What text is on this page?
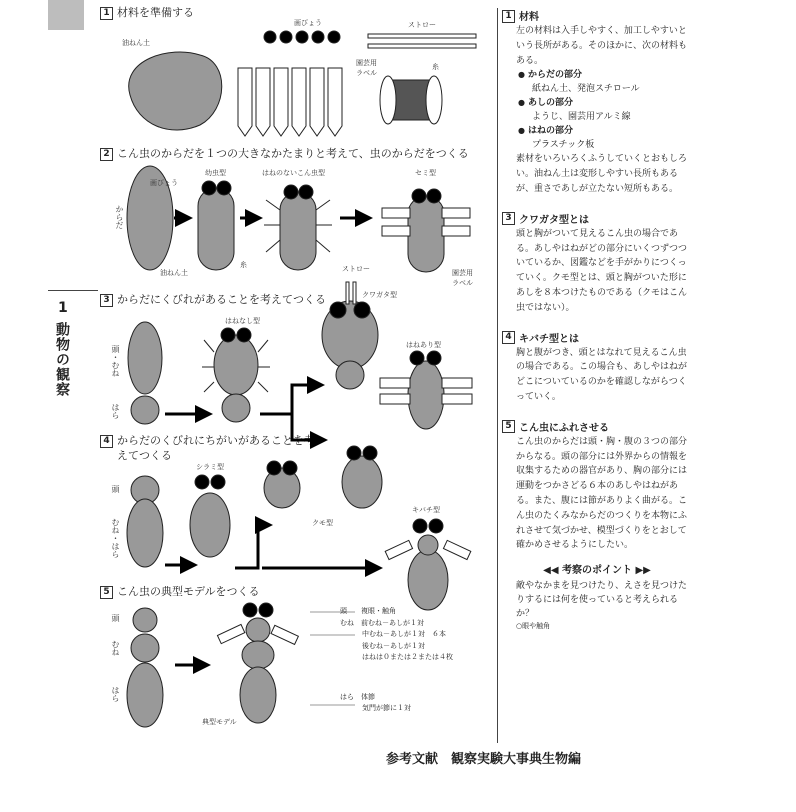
1
動物の観察
1 材料を準備する
2 こん虫のからだを１つの大きなかたまりと考えて、虫のからだをつくる
3 からだにくびれがあることを考えてつくる
4 からだのくびれにちがいがあることを考えてつくる
5 こん虫の典型モデルをつくる
油ねん土
画びょう	ストロー
園芸用ラベル
糸
幼虫型	はねのないこん虫型	セミ型
画びょう
からだ
油ねん土
糸	ストロー	園芸用ラベル
クワガタ型
はねなし型
はねあり型
頭・むね
はら
シラミ型
クモ型
キバチ型
頭
むね・はら
頭
むね
はら
典型モデル
頭　　複眼・触角
むね　前むね－あしが１対
中むね－あしが１対　６本
後むね－あしが１対
はねは０または２または４枚
はら　体節
気門が節に１対
1 材料

左の材料は入手しやすく、加工しやすいという長所がある。そのほかに、次の材料もある。

● からだの部分
紙ねん土、発泡スチロール
● あしの部分
ようじ、園芸用アルミ線
● はねの部分
プラスチック板

素材をいろいろくふうしていくとおもしろい。油ねん土は変形しやすい長所もあるが、重さであしが立たない短所もある。

3 クワガタ型とは

頭と胸がついて見えるこん虫の場合である。あしやはねがどの部分にいくつずつついているか、図鑑などを手がかりにつくっていく。クモ型とは、頭と胸がついた形にあしを８本つけたものである（クモはこん虫ではない）。

4 キバチ型とは

胸と腹がつき、頭とはなれて見えるこん虫の場合である。この場合も、あしやはねがどこについているのかを確認しながらつくっていく。

5 こん虫にふれさせる

こん虫のからだは頭・胸・腹の３つの部分からなる。頭の部分には外界からの情報を収集するための器官があり、胸の部分には運動をつかさどる６本のあしやはねがある。また、腹には節がありよく曲がる。こん虫のたくみなからだのつくりを本物にふれさせて気づかせ、模型づくりをとおして確かめさせるようにしたい。

◀◀ 考察のポイント ▶▶
敵やなかまを見つけたり、えさを見つけたりするには何を使っていると考えられるか？
○眼や触角
参考文献　観察実験大事典生物編
